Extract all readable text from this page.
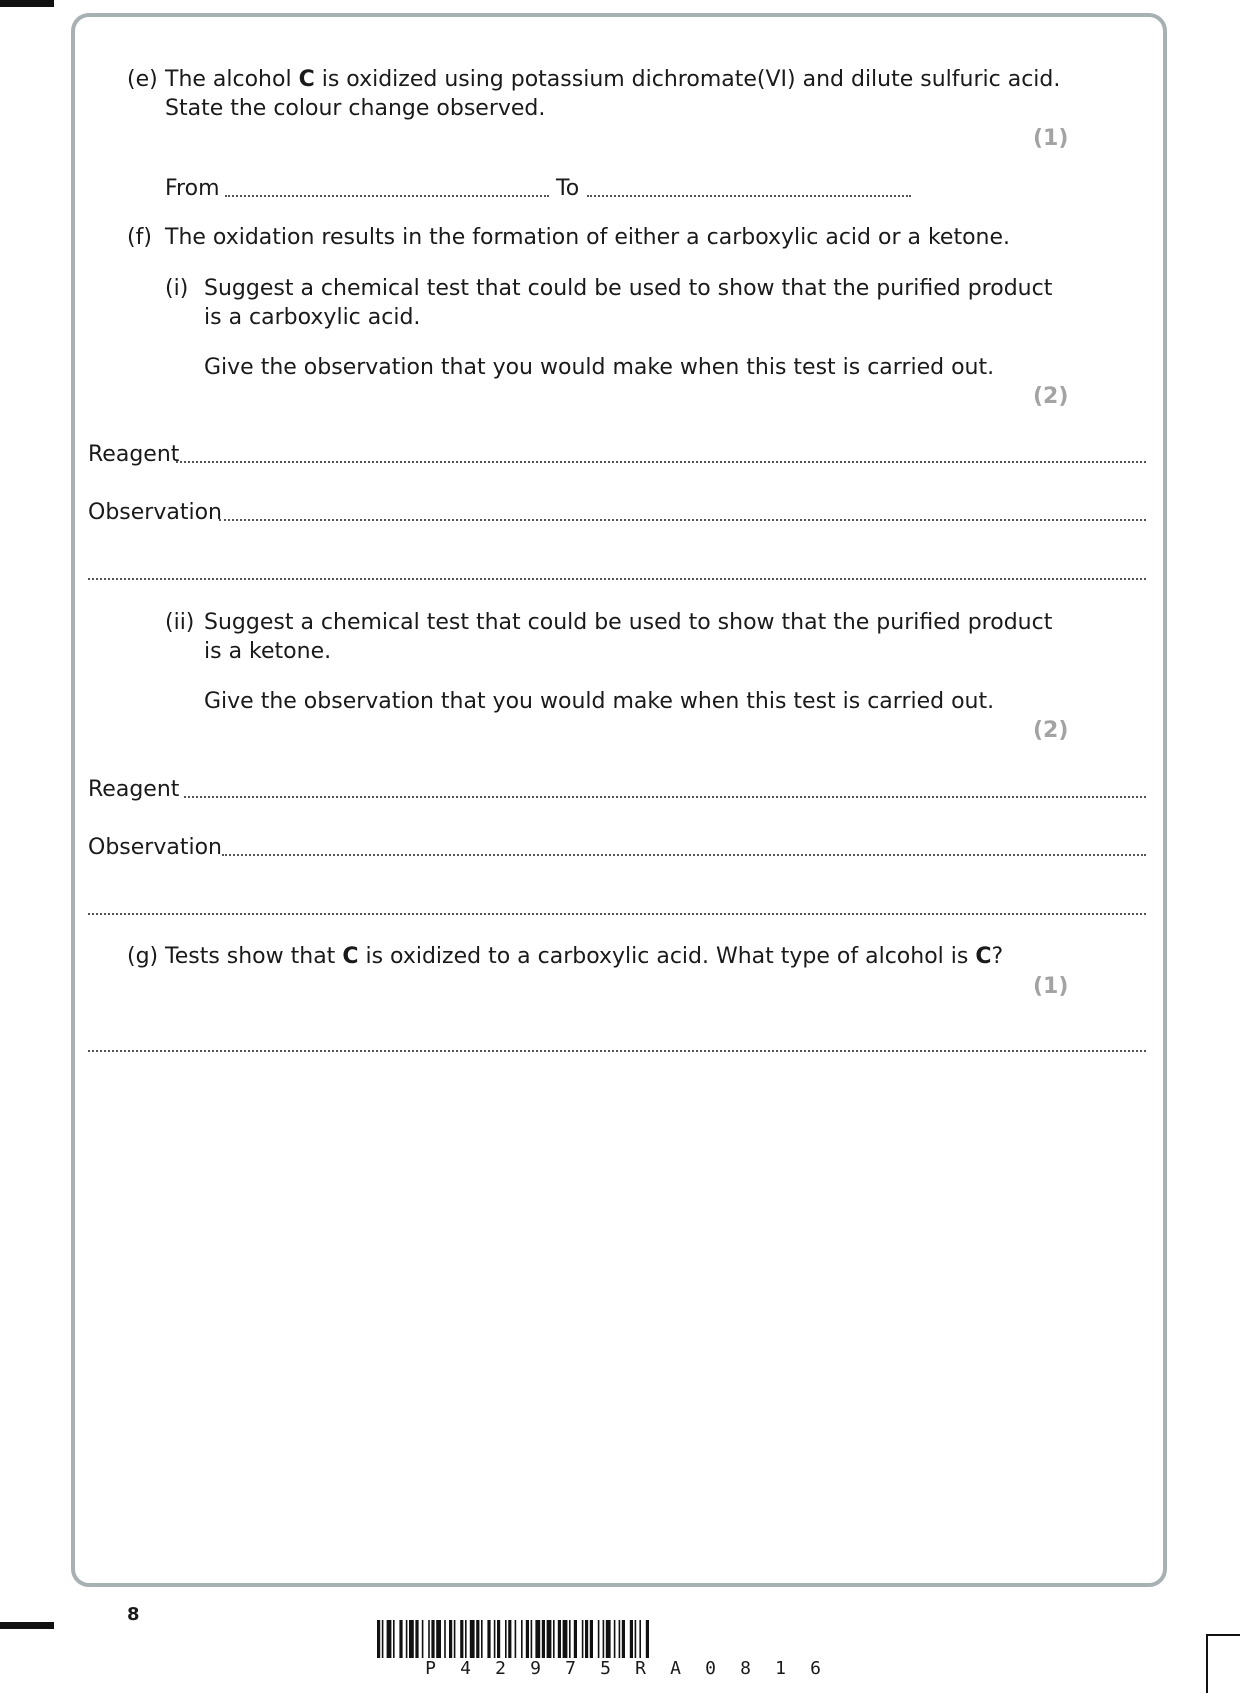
(e) The alcohol C is oxidized using potassium dichromate(VI) and dilute sulfuric acid.
State the colour change observed.
(1)
From	To
(f) The oxidation results in the formation of either a carboxylic acid or a ketone.
(i) Suggest a chemical test that could be used to show that the purified product
is a carboxylic acid.
Give the observation that you would make when this test is carried out.
(2)
Reagent
Observation
(ii) Suggest a chemical test that could be used to show that the purified product
is a ketone.
Give the observation that you would make when this test is carried out.
(2)
Reagent
Observation
(g) Tests show that C is oxidized to a carboxylic acid. What type of alcohol is C?
(1)
8
P 4 2 9 7 5 R A 0 8 1 6
